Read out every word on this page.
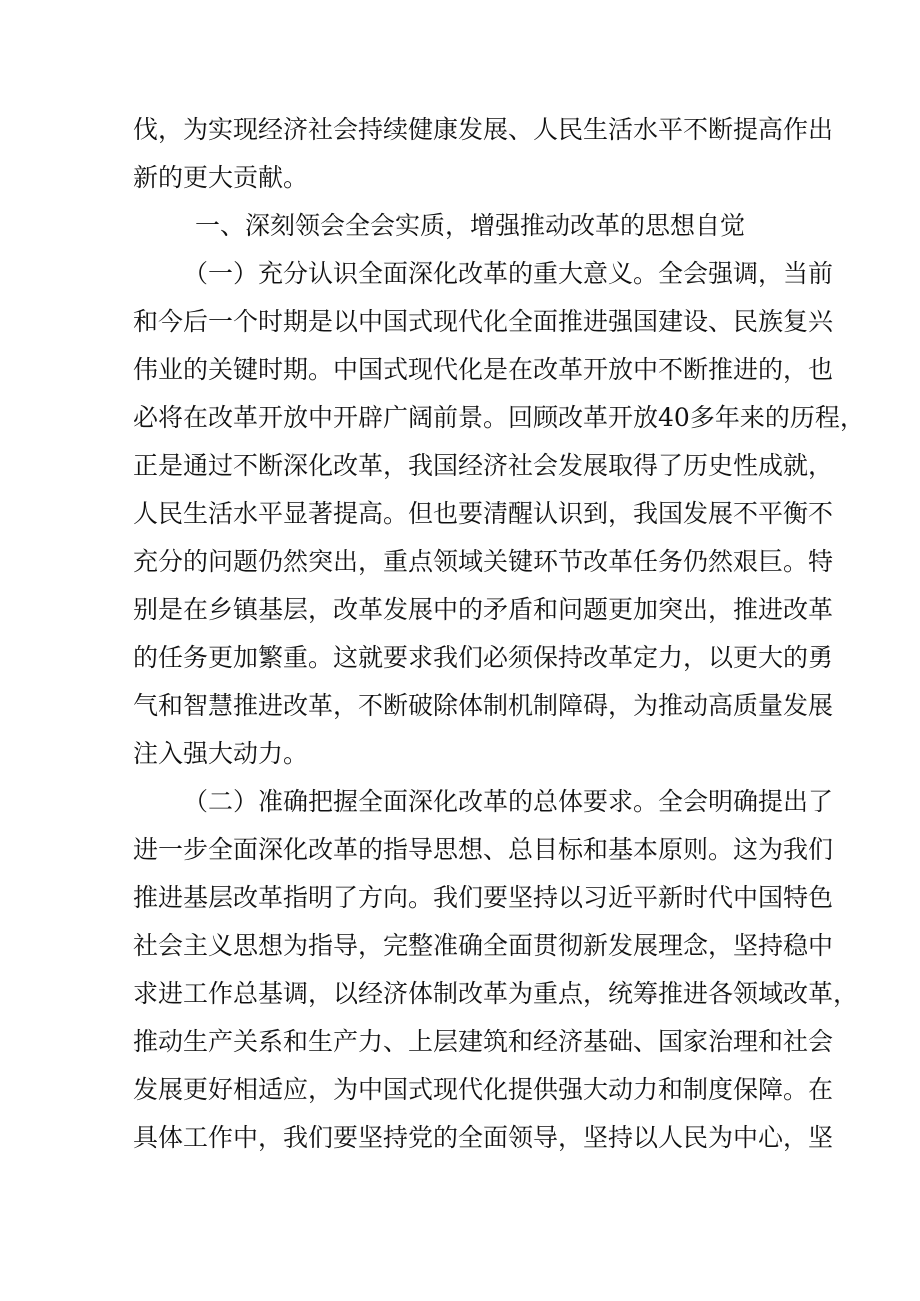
伐，为实现经济社会持续健康发展、人民生活水平不断提高作出
新的更大贡献。
一、深刻领会全会实质，增强推动改革的思想自觉
（一）充分认识全面深化改革的重大意义。全会强调，当前
和今后一个时期是以中国式现代化全面推进强国建设、民族复兴
伟业的关键时期。中国式现代化是在改革开放中不断推进的，也
必将在改革开放中开辟广阔前景。回顾改革开放40多年来的历程，
正是通过不断深化改革，我国经济社会发展取得了历史性成就，
人民生活水平显著提高。但也要清醒认识到，我国发展不平衡不
充分的问题仍然突出，重点领域关键环节改革任务仍然艰巨。特
别是在乡镇基层，改革发展中的矛盾和问题更加突出，推进改革
的任务更加繁重。这就要求我们必须保持改革定力，以更大的勇
气和智慧推进改革，不断破除体制机制障碍，为推动高质量发展
注入强大动力。
（二）准确把握全面深化改革的总体要求。全会明确提出了
进一步全面深化改革的指导思想、总目标和基本原则。这为我们
推进基层改革指明了方向。我们要坚持以习近平新时代中国特色
社会主义思想为指导，完整准确全面贯彻新发展理念，坚持稳中
求进工作总基调，以经济体制改革为重点，统筹推进各领域改革，
推动生产关系和生产力、上层建筑和经济基础、国家治理和社会
发展更好相适应，为中国式现代化提供强大动力和制度保障。在
具体工作中，我们要坚持党的全面领导，坚持以人民为中心，坚
